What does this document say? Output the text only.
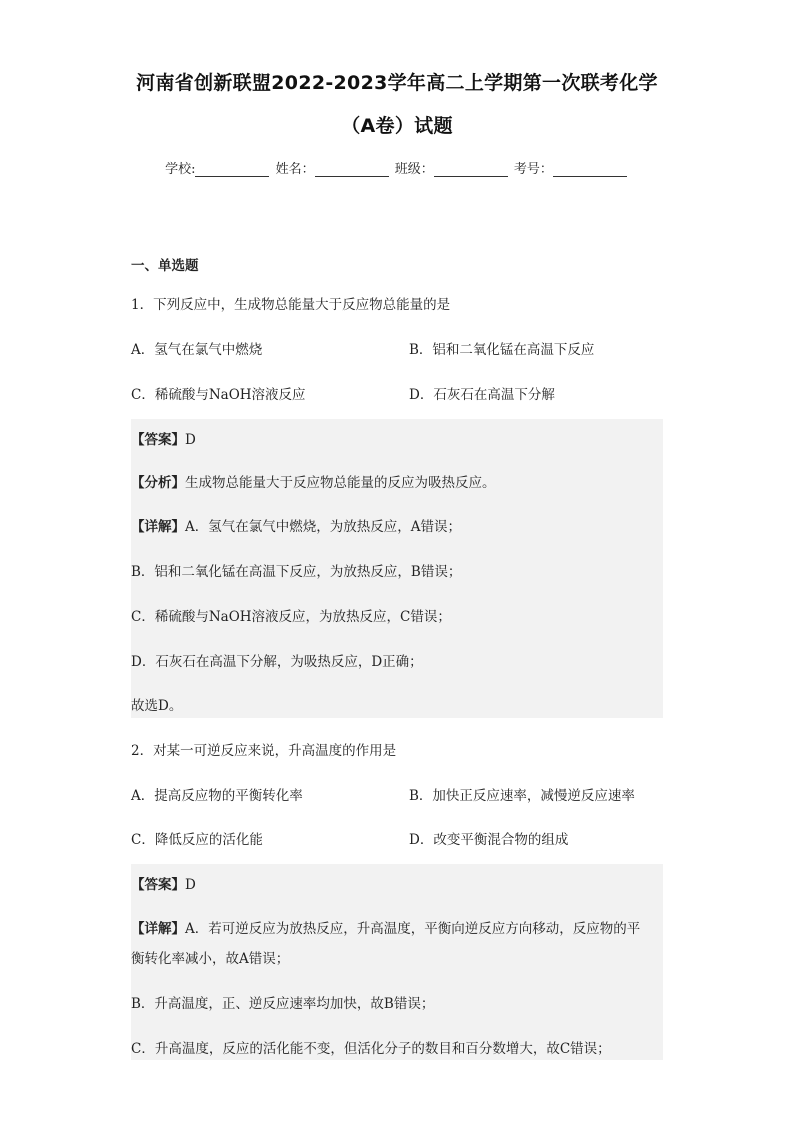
河南省创新联盟2022-2023学年高二上学期第一次联考化学
（A卷）试题
学校:	姓名：	班级：	考号：
一、单选题
1．下列反应中，生成物总能量大于反应物总能量的是
A．氢气在氯气中燃烧	B．铝和二氧化锰在高温下反应
C．稀硫酸与NaOH溶液反应	D．石灰石在高温下分解
【答案】D
【分析】生成物总能量大于反应物总能量的反应为吸热反应。
【详解】A．氢气在氯气中燃烧，为放热反应，A错误；
B．铝和二氧化锰在高温下反应，为放热反应，B错误；
C．稀硫酸与NaOH溶液反应，为放热反应，C错误；
D．石灰石在高温下分解，为吸热反应，D正确；
故选D。
2．对某一可逆反应来说，升高温度的作用是
A．提高反应物的平衡转化率	B．加快正反应速率，减慢逆反应速率
C．降低反应的活化能	D．改变平衡混合物的组成
【答案】D
【详解】A．若可逆反应为放热反应，升高温度，平衡向逆反应方向移动，反应物的平
衡转化率减小，故A错误；
B．升高温度，正、逆反应速率均加快，故B错误；
C．升高温度，反应的活化能不变，但活化分子的数目和百分数增大，故C错误；
